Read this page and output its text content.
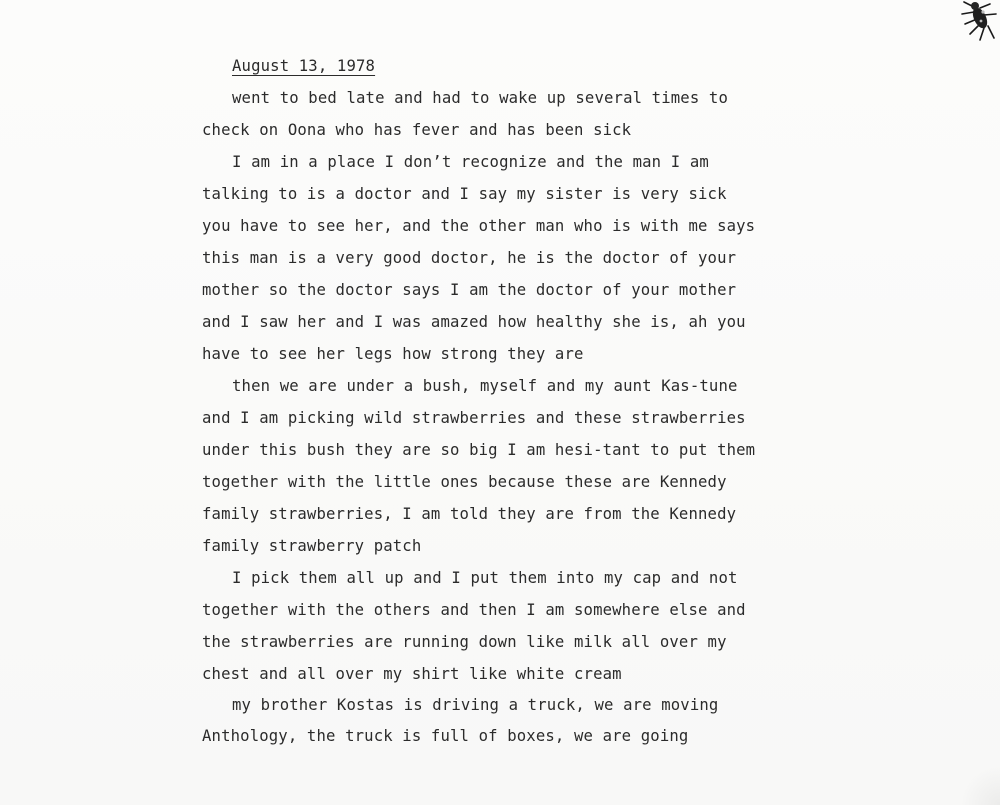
August 13, 1978
went to bed late and had to wake up several times to
check on Oona who has fever and has been sick
I am in a place I don’t recognize and the man I am
talking to is a doctor and I say my sister is very sick
you have to see her, and the other man who is with me says
this man is a very good doctor, he is the doctor of your
mother so the doctor says I am the doctor of your mother
and I saw her and I was amazed how healthy she is, ah you
have to see her legs how strong they are
then we are under a bush, myself and my aunt Kas-tune
and I am picking wild strawberries and these strawberries
under this bush they are so big I am hesi-tant to put them
together with the little ones because these are Kennedy
family strawberries, I am told they are from the Kennedy
family strawberry patch
I pick them all up and I put them into my cap and not
together with the others and then I am somewhere else and
the strawberries are running down like milk all over my
chest and all over my shirt like white cream
my brother Kostas is driving a truck, we are moving
Anthology, the truck is full of boxes, we are going
